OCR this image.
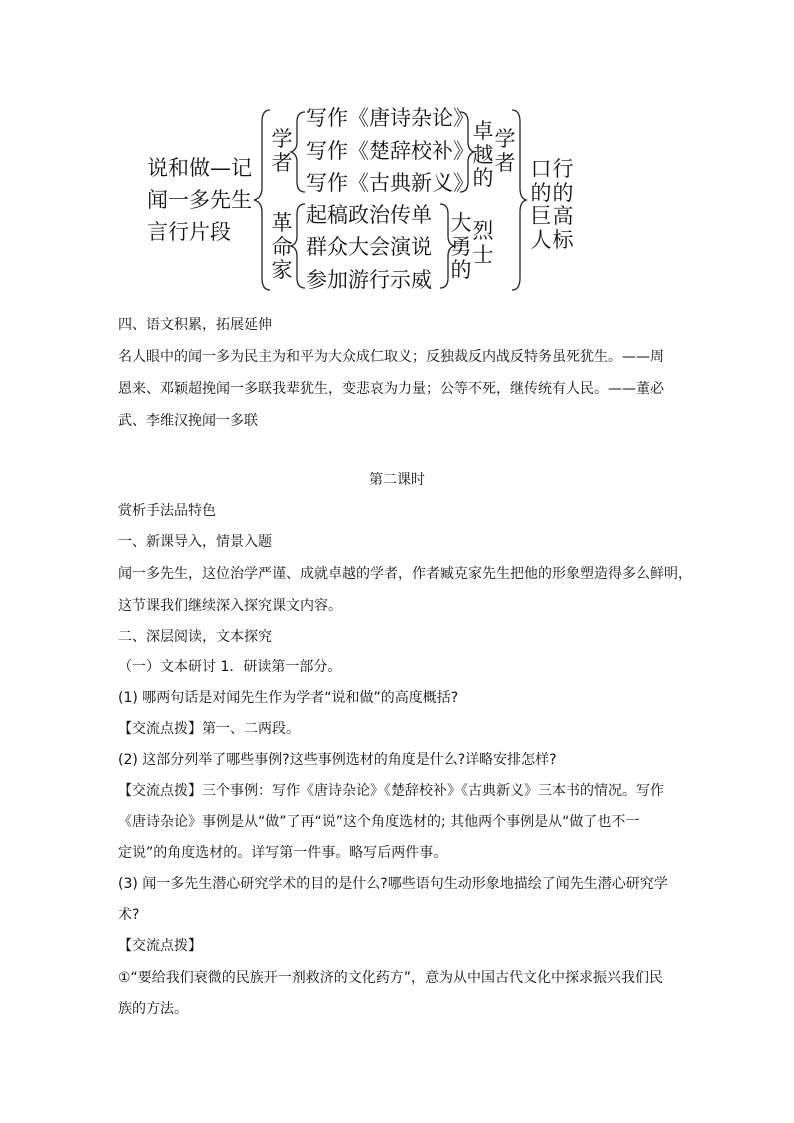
说和做—记
闻一多先生
言行片段
学者
写作《唐诗杂论》
写作《楚辞校补》
写作《古典新义》
卓越的
学者
革命家
起稿政治传单
群众大会演说
参加游行示威
大勇的
烈士
口的巨人
行的高标
四、语文积累，拓展延伸
名人眼中的闻一多为民主为和平为大众成仁取义；反独裁反内战反特务虽死犹生。——周
恩来、邓颖超挽闻一多联我辈犹生，变悲哀为力量；公等不死，继传统有人民。——董必
武、李维汉挽闻一多联
第二课时
赏析手法品特色
一、新课导入，情景入题
闻一多先生，这位治学严谨、成就卓越的学者，作者臧克家先生把他的形象塑造得多么鲜明，
这节课我们继续深入探究课文内容。
二、深层阅读，文本探究
（一）文本研讨 1．研读第一部分。
(1) 哪两句话是对闻先生作为学者“说和做”的高度概括?
【交流点拨】第一、二两段。
(2) 这部分列举了哪些事例?这些事例选材的角度是什么?详略安排怎样?
【交流点拨】三个事例：写作《唐诗杂论》《楚辞校补》《古典新义》三本书的情况。写作
《唐诗杂论》事例是从“做”了再“说”这个角度选材的; 其他两个事例是从“做了也不一
定说”的角度选材的。详写第一件事。略写后两件事。
(3) 闻一多先生潜心研究学术的目的是什么?哪些语句生动形象地描绘了闻先生潜心研究学
术?
【交流点拨】
①“要给我们衰微的民族开一剂救济的文化药方”，意为从中国古代文化中探求振兴我们民
族的方法。
